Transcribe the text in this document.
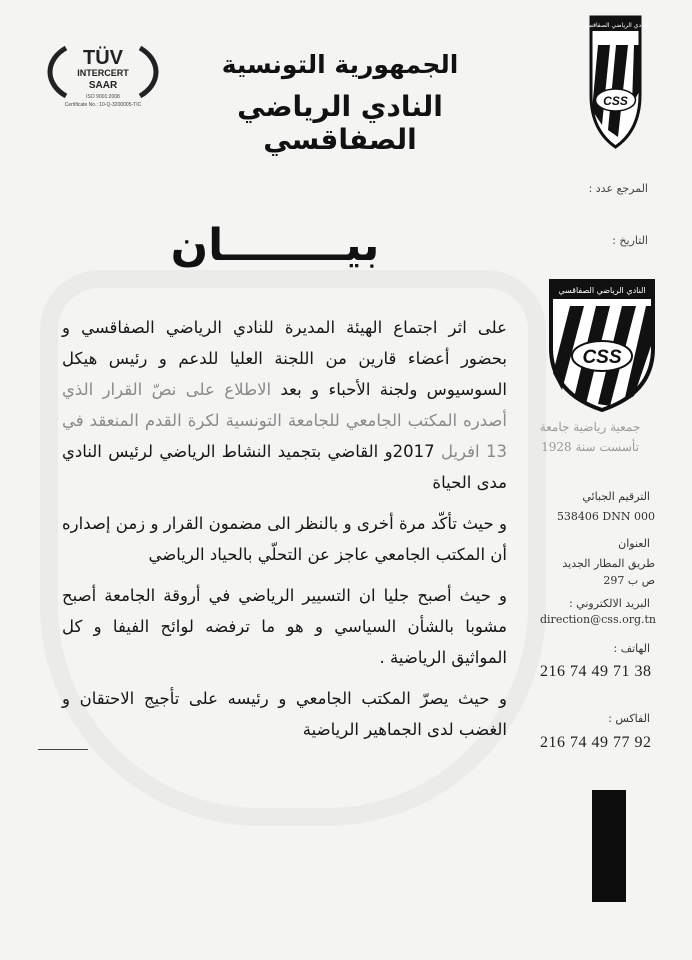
TÜV
INTERCERT
SAAR
ISO 9001:2008
Certificate No.: 10-Q-3200005-TIC
الجمهورية التونسية
النادي الرياضي الصفاقسي
النادي الرياضي الصفاقسي
CSS
المرجع عدد :
التاريخ :
بيــــــــان

على اثر اجتماع الهيئة المديرة للنادي الرياضي الصفاقسي و بحضور أعضاء قارين من اللجنة العليا للدعم و رئيس هيكل السوسيوس ولجنة الأحباء و بعد الاطلاع على نصّ القرار الذي أصدره المكتب الجامعي للجامعة التونسية لكرة القدم المنعقد في 13 افريل 2017و القاضي بتجميد النشاط الرياضي لرئيس النادي مدى الحياة

و حيث تأكّد مرة أخرى و بالنظر الى مضمون القرار و زمن إصداره أن المكتب الجامعي عاجز عن التحلّي بالحياد الرياضي

و حيث أصبح جليا ان التسيير الرياضي في أروقة الجامعة أصبح مشوبا بالشأن السياسي و هو ما ترفضه لوائح الفيفا و كل المواثيق الرياضية .

و حيث يصرّ المكتب الجامعي و رئيسه على تأجيج الاحتقان و الغضب لدى الجماهير الرياضية

النادي الرياضي الصفاقسي
CSS
جمعية رياضية جامعة
تأسست سنة 1928
الترقيم الجبائي
538406 DNN 000
العنوان
طريق المطار الجديد
ص ب 297
البريد الالكتروني :
direction@css.org.tn
الهاتف :
216 74 49 71 38
الفاكس :
216 74 49 77 92
